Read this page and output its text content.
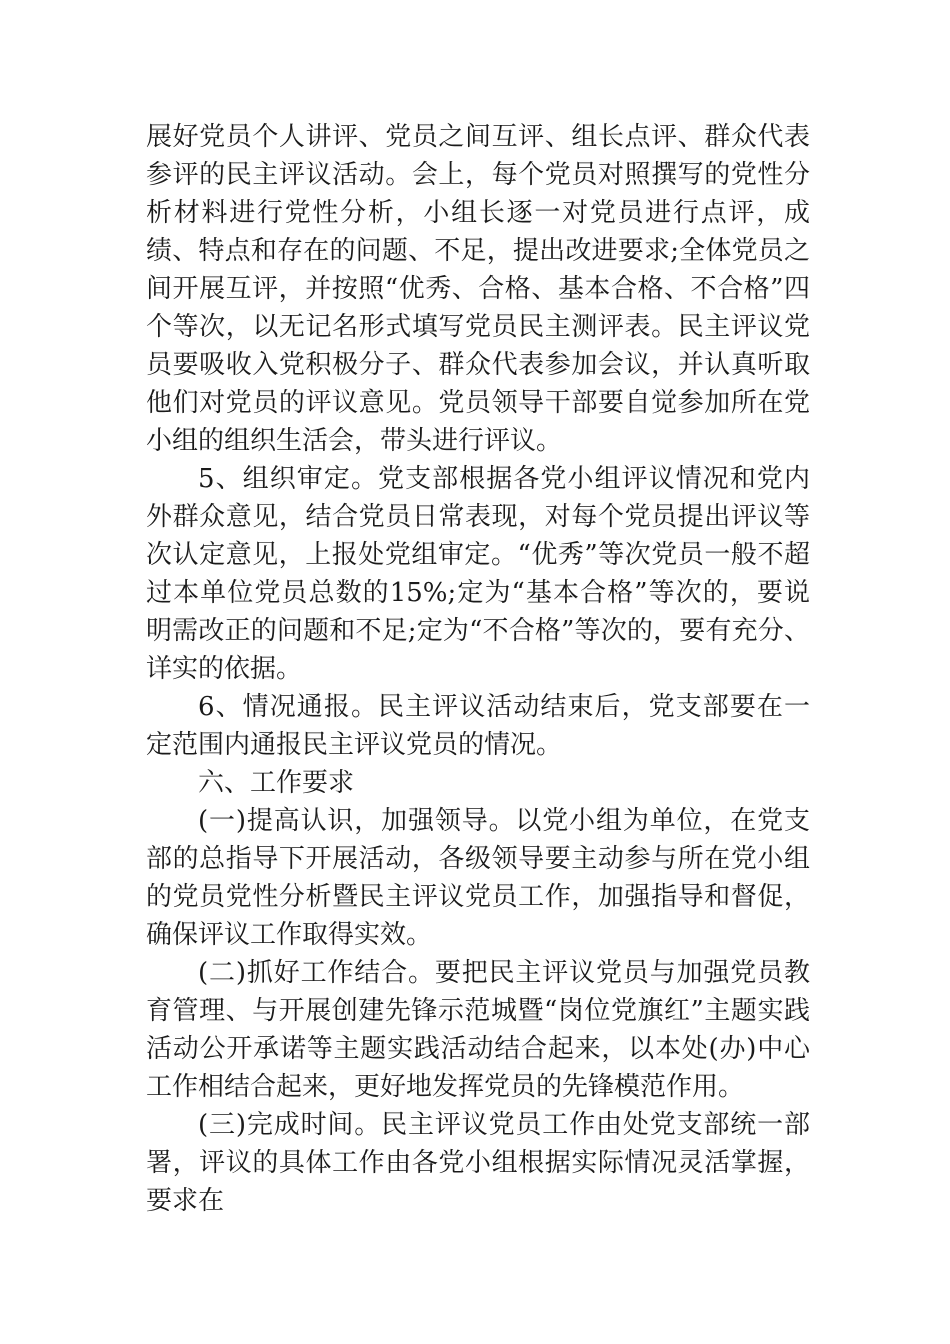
展好党员个人讲评、党员之间互评、组长点评、群众代表参评的民主评议活动。会上，每个党员对照撰写的党性分析材料进行党性分析，小组长逐一对党员进行点评，成绩、特点和存在的问题、不足，提出改进要求;全体党员之间开展互评，并按照“优秀、合格、基本合格、不合格”四个等次，以无记名形式填写党员民主测评表。民主评议党员要吸收入党积极分子、群众代表参加会议，并认真听取他们对党员的评议意见。党员领导干部要自觉参加所在党小组的组织生活会，带头进行评议。

5、组织审定。党支部根据各党小组评议情况和党内外群众意见，结合党员日常表现，对每个党员提出评议等次认定意见，上报处党组审定。“优秀”等次党员一般不超过本单位党员总数的15%;定为“基本合格”等次的，要说明需改正的问题和不足;定为“不合格”等次的，要有充分、详实的依据。

6、情况通报。民主评议活动结束后，党支部要在一定范围内通报民主评议党员的情况。

六、工作要求

(一)提高认识，加强领导。以党小组为单位，在党支部的总指导下开展活动，各级领导要主动参与所在党小组的党员党性分析暨民主评议党员工作，加强指导和督促，确保评议工作取得实效。

(二)抓好工作结合。要把民主评议党员与加强党员教育管理、与开展创建先锋示范城暨“岗位党旗红”主题实践活动公开承诺等主题实践活动结合起来，以本处(办)中心工作相结合起来，更好地发挥党员的先锋模范作用。

(三)完成时间。民主评议党员工作由处党支部统一部署，评议的具体工作由各党小组根据实际情况灵活掌握，要求在
